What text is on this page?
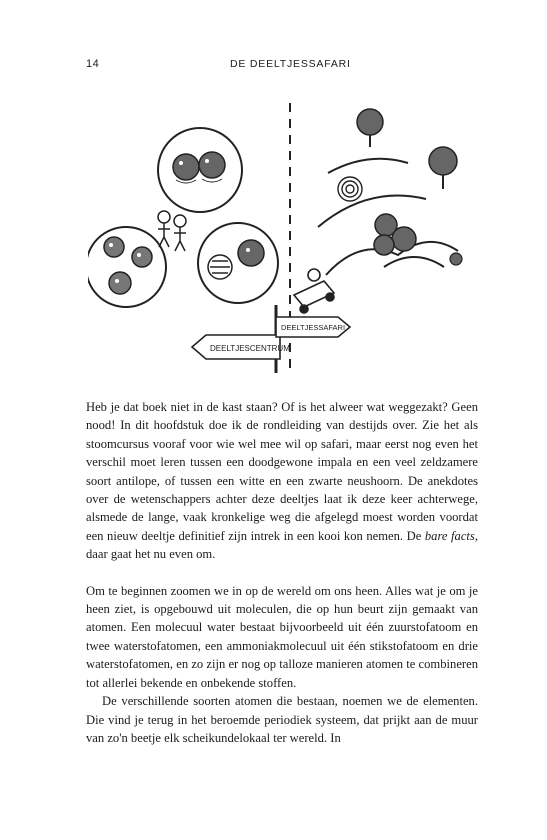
14	DE DEELTJESSAFARI
DEELTJESCENTRUM
DEELTJESSAFARI

Heb je dat boek niet in de kast staan? Of is het alweer wat weggezakt? Geen nood! In dit hoofdstuk doe ik de rondleiding van destijds over. Zie het als stoomcursus vooraf voor wie wel mee wil op safari, maar eerst nog even het verschil moet leren tussen een doodgewone impala en een veel zeldzamere soort antilope, of tussen een witte en een zwarte neushoorn. De anekdotes over de wetenschappers achter deze deeltjes laat ik deze keer achterwege, alsmede de lange, vaak kronkelige weg die afgelegd moest worden voordat een nieuw deeltje definitief zijn intrek in een kooi kon nemen. De bare facts, daar gaat het nu even om.

Om te beginnen zoomen we in op de wereld om ons heen. Alles wat je om je heen ziet, is opgebouwd uit moleculen, die op hun beurt zijn gemaakt van atomen. Een molecuul water bestaat bijvoorbeeld uit één zuurstofatoom en twee waterstofatomen, een ammoniakmolecuul uit één stikstofatoom en drie waterstofatomen, en zo zijn er nog op talloze manieren atomen te combineren tot allerlei bekende en onbekende stoffen.

De verschillende soorten atomen die bestaan, noemen we de elementen. Die vind je terug in het beroemde periodiek systeem, dat prijkt aan de muur van zo'n beetje elk scheikundelokaal ter wereld. In
